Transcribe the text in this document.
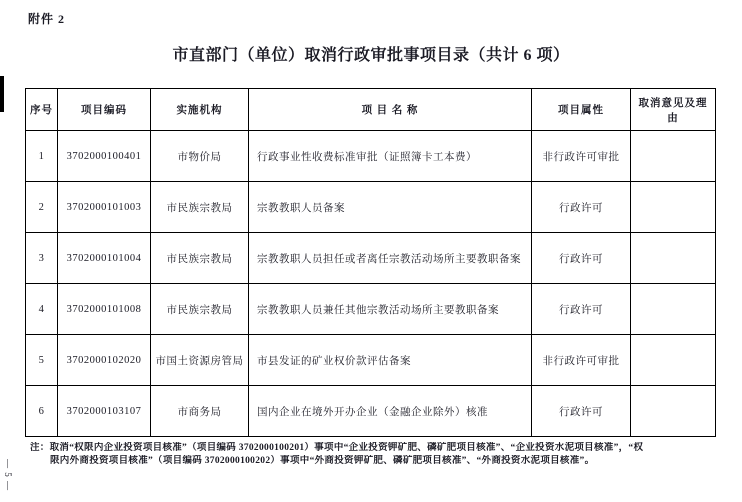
附件 2
市直部门（单位）取消行政审批事项目录（共计 6 项）
序号	项目编码	实施机构	项 目 名 称	项目属性	取消意见及理由
1	3702000100401	市物价局	行政事业性收费标准审批（证照簿卡工本费）	非行政许可审批	
2	3702000101003	市民族宗教局	宗教教职人员备案	行政许可	
3	3702000101004	市民族宗教局	宗教教职人员担任或者离任宗教活动场所主要教职备案	行政许可	
4	3702000101008	市民族宗教局	宗教教职人员兼任其他宗教活动场所主要教职备案	行政许可	
5	3702000102020	市国土资源房管局	市县发证的矿业权价款评估备案	非行政许可审批	
6	3702000103107	市商务局	国内企业在境外开办企业（金融企业除外）核准	行政许可	
注：取消“权限内企业投资项目核准”（项目编码 3702000100201）事项中“企业投资钾矿肥、磷矿肥项目核准”、“企业投资水泥项目核准”，“权
限内外商投资项目核准”（项目编码 3702000100202）事项中“外商投资钾矿肥、磷矿肥项目核准”、“外商投资水泥项目核准”。
— 5 —
